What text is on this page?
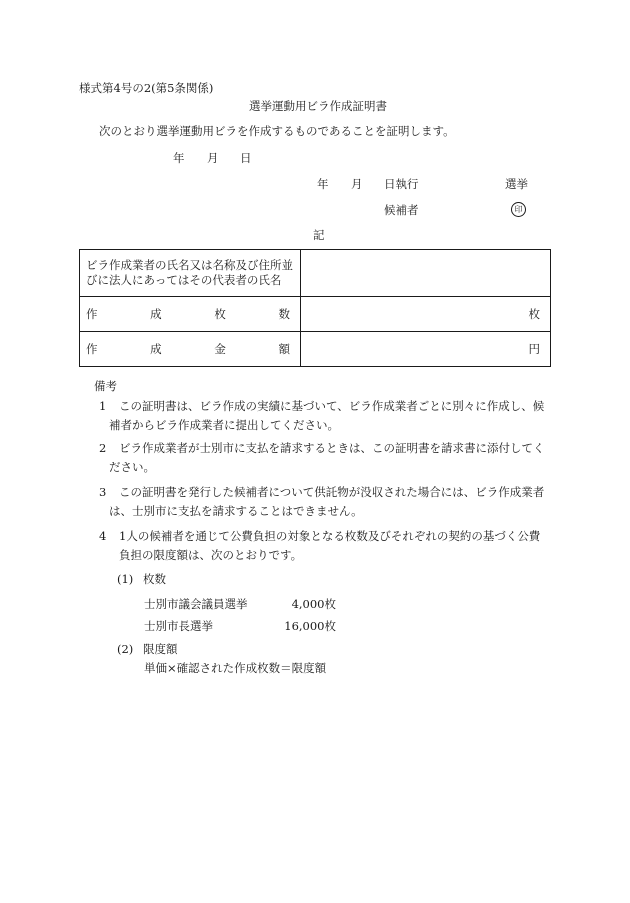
様式第4号の2(第5条関係)
選挙運動用ビラ作成証明書
次のとおり選挙運動用ビラを作成するものであることを証明します。
年 月 日
年 月 日執行	選挙
候補者	印
記
ビラ作成業者の氏名又は名称及び住所並びに法人にあってはその代表者の氏名	

作 成 枚 数	枚

作 成 金 額	円
備考
1 この証明書は、ビラ作成の実績に基づいて、ビラ作成業者ごとに別々に作成し、候
補者からビラ作成業者に提出してください。
2 ビラ作成業者が士別市に支払を請求するときは、この証明書を請求書に添付してく
ださい。
3 この証明書を発行した候補者について供託物が没収された場合には、ビラ作成業者
は、士別市に支払を請求することはできません。
4 1人の候補者を通じて公費負担の対象となる枚数及びそれぞれの契約の基づく公費
負担の限度額は、次のとおりです。
(1) 枚数
士別市議会議員選挙	4,000枚
士別市長選挙	16,000枚
(2) 限度額
単価×確認された作成枚数＝限度額
